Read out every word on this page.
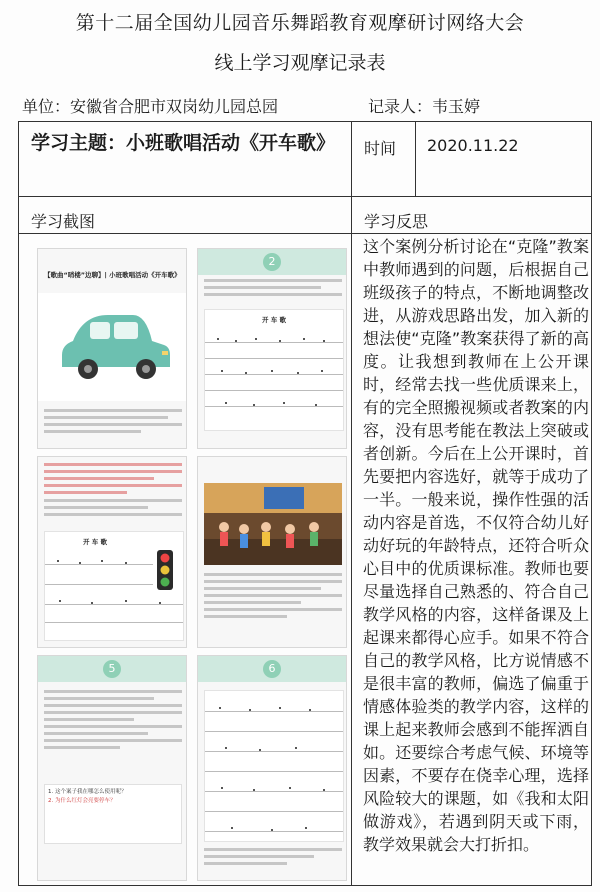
第十二届全国幼儿园音乐舞蹈教育观摩研讨网络大会
线上学习观摩记录表
单位：安徽省合肥市双岗幼儿园总园	记录人：韦玉婷
学习主题：小班歌唱活动《开车歌》	时间 2020.11.22
学习截图	学习反思

这个案例分析讨论在“克隆”教案中教师遇到的问题，后根据自己班级孩子的特点，不断地调整改进，从游戏思路出发，加入新的想法使“克隆”教案获得了新的高度。让我想到教师在上公开课时，经常去找一些优质课来上，有的完全照搬视频或者教案的内容，没有思考能在教法上突破或者创新。今后在上公开课时，首先要把内容选好，就等于成功了一半。一般来说，操作性强的活动内容是首选，不仅符合幼儿好动好玩的年龄特点，还符合听众心目中的优质课标准。教师也要尽量选择自己熟悉的、符合自己教学风格的内容，这样备课及上起课来都得心应手。如果不符合自己的教学风格，比方说情感不是很丰富的教师，偏选了偏重于情感体验类的教学内容，这样的课上起来教师会感到不能挥洒自如。还要综合考虑气候、环境等因素，不要存在侥幸心理，选择风险较大的课题，如《我和太阳做游戏》，若遇到阴天或下雨，教学效果就会大打折扣。

【歌曲“哨楼”边聊】| 小班歌唱活动《开车歌》
2
开 车 歌
开 车 歌
5
1. 这个案子我在哪怎么使用呢？
2. 为什么红灯会亮要停车？
6
